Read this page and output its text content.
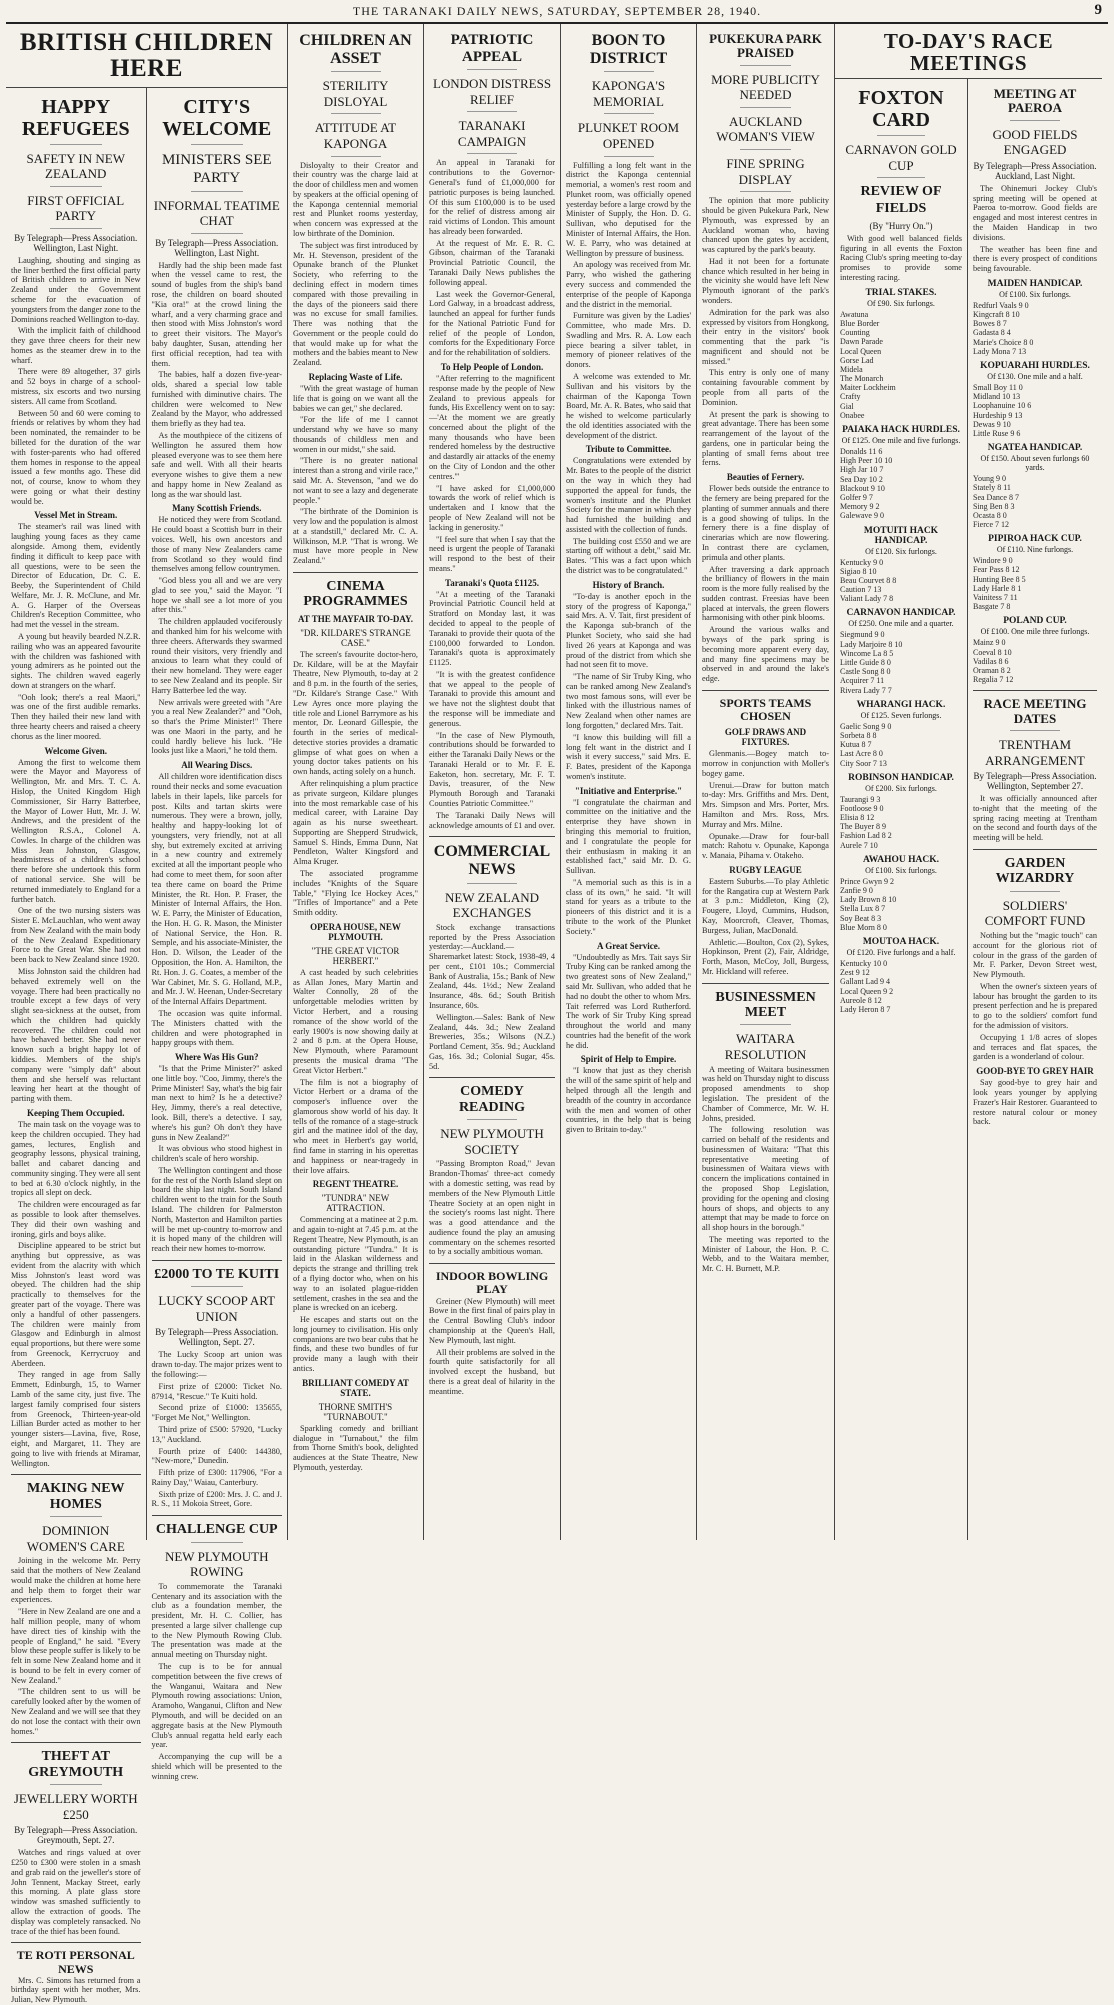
THE TARANAKI DAILY NEWS, SATURDAY, SEPTEMBER 28, 1940.	9
BRITISH CHILDREN HERE
HAPPY REFUGEES
SAFETY IN NEW ZEALAND
FIRST OFFICIAL PARTY
By Telegraph—Press Association. Wellington, Last Night.

Laughing, shouting and singing as the liner berthed the first official party of British children to arrive in New Zealand under the Government scheme for the evacuation of youngsters from the danger zone to the Dominions reached Wellington to-day.

With the implicit faith of childhood they gave three cheers for their new homes as the steamer drew in to the wharf.

There were 89 altogether, 37 girls and 52 boys in charge of a school-mistress, six escorts and two nursing sisters. All came from Scotland.

Between 50 and 60 were coming to friends or relatives by whom they had been nominated, the remainder to be billeted for the duration of the war with foster-parents who had offered them homes in response to the appeal issued a few months ago. These did not, of course, know to whom they were going or what their destiny would be.

Vessel Met in Stream.

The steamer's rail was lined with laughing young faces as they came alongside. Among them, evidently finding it difficult to keep pace with all questions, were to be seen the Director of Education, Dr. C. E. Beeby, the Superintendent of Child Welfare, Mr. J. R. McClune, and Mr. A. G. Harper of the Overseas Children's Reception Committee, who had met the vessel in the stream.

A young but heavily bearded N.Z.R. railing who was an appeared favourite with the children was fashioned with young admirers as he pointed out the sights. The children waved eagerly down at strangers on the wharf.

"Ooh look; there's a real Maori," was one of the first audible remarks. Then they hailed their new land with three hearty cheers and raised a cheery chorus as the liner moored.

Welcome Given.

Among the first to welcome them were the Mayor and Mayoress of Wellington, Mr. and Mrs. T. C. A. Hislop, the United Kingdom High Commissioner, Sir Harry Batterbee, the Mayor of Lower Hutt, Mr. J. W. Andrews, and the president of the Wellington R.S.A., Colonel A. Cowles. In charge of the children was Miss Jean Johnston, Glasgow, headmistress of a children's school there before she undertook this form of national service. She will be returned immediately to England for a further batch.

One of the two nursing sisters was Sister E. McLauchlan, who went away from New Zealand with the main body of the New Zealand Expeditionary Force to the Great War. She had not been back to New Zealand since 1920.

Miss Johnston said the children had behaved extremely well on the voyage. There had been practically no trouble except a few days of very slight sea-sickness at the outset, from which the children had quickly recovered. The children could not have behaved better. She had never known such a bright happy lot of kiddies. Members of the ship's company were "simply daft" about them and she herself was reluctant leaving her heart at the thought of parting with them.

Keeping Them Occupied.

The main task on the voyage was to keep the children occupied. They had games, lectures, English and geography lessons, physical training, ballet and cabaret dancing and community singing. They were all sent to bed at 6.30 o'clock nightly, in the tropics all slept on deck.

The children were encouraged as far as possible to look after themselves. They did their own washing and ironing, girls and boys alike.

Discipline appeared to be strict but anything but oppressive, as was evident from the alacrity with which Miss Johnston's least word was obeyed. The children had the ship practically to themselves for the greater part of the voyage. There was only a handful of other passengers. The children were mainly from Glasgow and Edinburgh in almost equal proportions, but there were some from Greenock, Kerrycruoy and Aberdeen.

They ranged in age from Sally Emmett, Edinburgh, 15, to Warner Lamb of the same city, just five. The largest family comprised four sisters from Greenock, Thirteen-year-old Lillian Burder acted as mother to her younger sisters—Lavina, five, Rose, eight, and Margaret, 11. They are going to live with friends at Miramar, Wellington.

MAKING NEW HOMES
DOMINION WOMEN'S CARE

Joining in the welcome Mr. Perry said that the mothers of New Zealand would make the children at home here and help them to forget their war experiences.

"Here in New Zealand are one and a half million people, many of whom have direct ties of kinship with the people of England," he said. "Every blow these people suffer is likely to be felt in some New Zealand home and it is bound to be felt in every corner of New Zealand."

"The children sent to us will be carefully looked after by the women of New Zealand and we will see that they do not lose the contact with their own homes."

THEFT AT GREYMOUTH
JEWELLERY WORTH £250
By Telegraph—Press Association. Greymouth, Sept. 27.

Watches and rings valued at over £250 to £300 were stolen in a smash and grab raid on the jeweller's store of John Tennent, Mackay Street, early this morning. A plate glass store window was smashed sufficiently to allow the extraction of goods. The display was completely ransacked. No trace of the thief has been found.

TE ROTI PERSONAL NEWS

Mrs. C. Simons has returned from a birthday spent with her mother, Mrs. Julian, New Plymouth.

CITY'S WELCOME
MINISTERS SEE PARTY
INFORMAL TEATIME CHAT
By Telegraph—Press Association. Wellington, Last Night.

Hardly had the ship been made fast when the vessel came to rest, the sound of bugles from the ship's band rose, the children on board shouted "Kia ora!" at the crowd lining the wharf, and a very charming grace and then stood with Miss Johnston's word to greet their visitors. The Mayor's baby daughter, Susan, attending her first official reception, had tea with them.

The babies, half a dozen five-year-olds, shared a special low table furnished with diminutive chairs. The children were welcomed to New Zealand by the Mayor, who addressed them briefly as they had tea.

As the mouthpiece of the citizens of Wellington he assured them how pleased everyone was to see them here safe and well. With all their hearts everyone wishes to give them a new and happy home in New Zealand as long as the war should last.

Many Scottish Friends.

He noticed they were from Scotland. He could boast a Scottish burr in their voices. Well, his own ancestors and those of many New Zealanders came from Scotland so they would find themselves among fellow countrymen.

"God bless you all and we are very glad to see you," said the Mayor. "I hope we shall see a lot more of you after this."

The children applauded vociferously and thanked him for his welcome with three cheers. Afterwards they swarmed round their visitors, very friendly and anxious to learn what they could of their new homeland. They were eager to see New Zealand and its people. Sir Harry Batterbee led the way.

New arrivals were greeted with "Are you a real New Zealander?" and "Ooh, so that's the Prime Minister!" There was one Maori in the party, and he could hardly believe his luck. "He looks just like a Maori," he told them.

All Wearing Discs.

All children wore identification discs round their necks and some evacuation labels in their lapels, like parcels for post. Kilts and tartan skirts were numerous. They were a brown, jolly, healthy and happy-looking lot of youngsters, very friendly, not at all shy, but extremely excited at arriving in a new country and extremely excited at all the important people who had come to meet them, for soon after tea there came on board the Prime Minister, the Rt. Hon. P. Fraser, the Minister of Internal Affairs, the Hon. W. E. Parry, the Minister of Education, the Hon. H. G. R. Mason, the Minister of National Service, the Hon. R. Semple, and his associate-Minister, the Hon. D. Wilson, the Leader of the Opposition, the Hon. A. Hamilton, the Rt. Hon. J. G. Coates, a member of the War Cabinet, Mr. S. G. Holland, M.P., and Mr. J. W. Heenan, Under-Secretary of the Internal Affairs Department.

The occasion was quite informal. The Ministers chatted with the children and were photographed in happy groups with them.

Where Was His Gun?

"Is that the Prime Minister?" asked one little boy. "Coo, Jimmy, there's the Prime Minister! Say, what's the big fair man next to him? Is he a detective? Hey, Jimmy, there's a real detective, look. Bill, there's a detective. I say, where's his gun? Oh don't they have guns in New Zealand?"

It was obvious who stood highest in children's scale of hero worship.

The Wellington contingent and those for the rest of the North Island slept on board the ship last night. South Island children went to the train for the South Island. The children for Palmerston North, Masterton and Hamilton parties will be met up-country to-morrow and it is hoped many of the children will reach their new homes to-morrow.

£2000 TO TE KUITI
LUCKY SCOOP ART UNION
By Telegraph—Press Association. Wellington, Sept. 27.

The Lucky Scoop art union was drawn to-day. The major prizes went to the following:—

First prize of £2000: Ticket No. 87914, "Rescue." Te Kuiti hold.

Second prize of £1000: 135655, "Forget Me Not," Wellington.

Third prize of £500: 57920, "Lucky 13," Auckland.

Fourth prize of £400: 144380, "New-more," Dunedin.

Fifth prize of £300: 117906, "For a Rainy Day," Waiau, Canterbury.

Sixth prize of £200: Mrs. J. C. and J. R. S., 11 Mokoia Street, Gore.

CHALLENGE CUP
NEW PLYMOUTH ROWING

To commemorate the Taranaki Centenary and its association with the club as a foundation member, the president, Mr. H. C. Collier, has presented a large silver challenge cup to the New Plymouth Rowing Club. The presentation was made at the annual meeting on Thursday night.

The cup is to be for annual competition between the five crews of the Wanganui, Waitara and New Plymouth rowing associations: Union, Aramoho, Wanganui, Clifton and New Plymouth, and will be decided on an aggregate basis at the New Plymouth Club's annual regatta held early each year.

Accompanying the cup will be a shield which will be presented to the winning crew.

CHILDREN AN ASSET
STERILITY DISLOYAL
ATTITUDE AT KAPONGA

Disloyalty to their Creator and their country was the charge laid at the door of childless men and women by speakers at the official opening of the Kaponga centennial memorial rest and Plunket rooms yesterday, when concern was expressed at the low birthrate of the Dominion.

The subject was first introduced by Mr. H. Stevenson, president of the Opunake branch of the Plunket Society, who referring to the declining effect in modern times compared with those prevailing in the days of the pioneers said there was no excuse for small families. There was nothing that the Government or the people could do that would make up for what the mothers and the babies meant to New Zealand.

Replacing Waste of Life.

"With the great wastage of human life that is going on we want all the babies we can get," she declared.

"For the life of me I cannot understand why we have so many thousands of childless men and women in our midst," she said.

"There is no greater national interest than a strong and virile race," said Mr. A. Stevenson, "and we do not want to see a lazy and degenerate people."

"The birthrate of the Dominion is very low and the population is almost at a standstill," declared Mr. C. A. Wilkinson, M.P. "That is wrong. We must have more people in New Zealand."

CINEMA PROGRAMMES
AT THE MAYFAIR TO-DAY.
"DR. KILDARE'S STRANGE CASE."

The screen's favourite doctor-hero, Dr. Kildare, will be at the Mayfair Theatre, New Plymouth, to-day at 2 and 8 p.m. in the fourth of the series, "Dr. Kildare's Strange Case." With Lew Ayres once more playing the title role and Lionel Barrymore as his mentor, Dr. Leonard Gillespie, the fourth in the series of medical-detective stories provides a dramatic glimpse of what goes on when a young doctor takes patients on his own hands, acting solely on a hunch.

After relinquishing a plum practice as private surgeon, Kildare plunges into the most remarkable case of his medical career, with Laraine Day again as his nurse sweetheart. Supporting are Shepperd Strudwick, Samuel S. Hinds, Emma Dunn, Nat Pendleton, Walter Kingsford and Alma Kruger.

The associated programme includes "Knights of the Square Table," "Flying Ice Hockey Aces," "Trifles of Importance" and a Pete Smith oddity.

OPERA HOUSE, NEW PLYMOUTH.
"THE GREAT VICTOR HERBERT."

A cast headed by such celebrities as Allan Jones, Mary Martin and Walter Connolly, 28 of the unforgettable melodies written by Victor Herbert, and a rousing romance of the show world of the early 1900's is now showing daily at 2 and 8 p.m. at the Opera House, New Plymouth, where Paramount presents the musical drama "The Great Victor Herbert."

The film is not a biography of Victor Herbert or a drama of the composer's influence over the glamorous show world of his day. It tells of the romance of a stage-struck girl and the matinee idol of the day, who meet in Herbert's gay world, find fame in starring in his operettas and happiness or near-tragedy in their love affairs.

REGENT THEATRE.
"TUNDRA" NEW ATTRACTION.

Commencing at a matinee at 2 p.m. and again to-night at 7.45 p.m. at the Regent Theatre, New Plymouth, is an outstanding picture "Tundra." It is laid in the Alaskan wilderness and depicts the strange and thrilling trek of a flying doctor who, when on his way to an isolated plague-ridden settlement, crashes in the sea and the plane is wrecked on an iceberg.

He escapes and starts out on the long journey to civilisation. His only companions are two bear cubs that he finds, and these two bundles of fur provide many a laugh with their antics.

BRILLIANT COMEDY AT STATE.
THORNE SMITH'S "TURNABOUT."

Sparkling comedy and brilliant dialogue in "Turnabout," the film from Thorne Smith's book, delighted audiences at the State Theatre, New Plymouth, yesterday.

PATRIOTIC APPEAL
LONDON DISTRESS RELIEF
TARANAKI CAMPAIGN

An appeal in Taranaki for contributions to the Governor-General's fund of £1,000,000 for patriotic purposes is being launched. Of this sum £100,000 is to be used for the relief of distress among air raid victims of London. This amount has already been forwarded.

At the request of Mr. E. R. C. Gibson, chairman of the Taranaki Provincial Patriotic Council, the Taranaki Daily News publishes the following appeal.

Last week the Governor-General, Lord Galway, in a broadcast address, launched an appeal for further funds for the National Patriotic Fund for relief of the people of London, comforts for the Expeditionary Force and for the rehabilitation of soldiers.

To Help People of London.

"After referring to the magnificent response made by the people of New Zealand to previous appeals for funds, His Excellency went on to say:—'At the moment we are greatly concerned about the plight of the many thousands who have been rendered homeless by the destructive and dastardly air attacks of the enemy on the City of London and the other centres.'"

"I have asked for £1,000,000 towards the work of relief which is undertaken and I know that the people of New Zealand will not be lacking in generosity."

"I feel sure that when I say that the need is urgent the people of Taranaki will respond to the best of their means."

Taranaki's Quota £1125.

"At a meeting of the Taranaki Provincial Patriotic Council held at Stratford on Monday last, it was decided to appeal to the people of Taranaki to provide their quota of the £100,000 forwarded to London. Taranaki's quota is approximately £1125.

"It is with the greatest confidence that we appeal to the people of Taranaki to provide this amount and we have not the slightest doubt that the response will be immediate and generous.

"In the case of New Plymouth, contributions should be forwarded to either the Taranaki Daily News or the Taranaki Herald or to Mr. F. E. Eaketon, hon. secretary, Mr. F. T. Davis, treasurer, of the New Plymouth Borough and Taranaki Counties Patriotic Committee."

The Taranaki Daily News will acknowledge amounts of £1 and over.

COMMERCIAL NEWS
NEW ZEALAND EXCHANGES

Stock exchange transactions reported by the Press Association yesterday:—Auckland.—Sharemarket latest: Stock, 1938-49, 4 per cent., £101 10s.; Commercial Bank of Australia, 15s.; Bank of New Zealand, 44s. 1½d.; New Zealand Insurance, 48s. 6d.; South British Insurance, 60s.

Wellington.—Sales: Bank of New Zealand, 44s. 3d.; New Zealand Breweries, 35s.; Wilsons (N.Z.) Portland Cement, 35s. 9d.; Auckland Gas, 16s. 3d.; Colonial Sugar, 45s. 5d.

COMEDY READING
NEW PLYMOUTH SOCIETY

"Passing Brompton Road," Jevan Brandon-Thomas' three-act comedy with a domestic setting, was read by members of the New Plymouth Little Theatre Society at an open night in the society's rooms last night. There was a good attendance and the audience found the play an amusing commentary on the schemes resorted to by a socially ambitious woman.

INDOOR BOWLING PLAY

Greiner (New Plymouth) will meet Bowe in the first final of pairs play in the Central Bowling Club's indoor championship at the Queen's Hall, New Plymouth, last night.

All their problems are solved in the fourth quite satisfactorily for all involved except the husband, but there is a great deal of hilarity in the meantime.

BOON TO DISTRICT
KAPONGA'S MEMORIAL
PLUNKET ROOM OPENED

Fulfilling a long felt want in the district the Kaponga centennial memorial, a women's rest room and Plunket room, was officially opened yesterday before a large crowd by the Minister of Supply, the Hon. D. G. Sullivan, who deputised for the Minister of Internal Affairs, the Hon. W. E. Parry, who was detained at Wellington by pressure of business.

An apology was received from Mr. Parry, who wished the gathering every success and commended the enterprise of the people of Kaponga and the district in the memorial.

Furniture was given by the Ladies' Committee, who made Mrs. D. Swadling and Mrs. R. A. Low each piece bearing a silver tablet, in memory of pioneer relatives of the donors.

A welcome was extended to Mr. Sullivan and his visitors by the chairman of the Kaponga Town Board, Mr. A. R. Bates, who said that he wished to welcome particularly the old identities associated with the development of the district.

Tribute to Committee.

Congratulations were extended by Mr. Bates to the people of the district on the way in which they had supported the appeal for funds, the women's institute and the Plunket Society for the manner in which they had furnished the building and assisted with the collection of funds.

The building cost £550 and we are starting off without a debt," said Mr. Bates. "This was a fact upon which the district was to be congratulated."

History of Branch.

"To-day is another epoch in the story of the progress of Kaponga," said Mrs. A. V. Tait, first president of the Kaponga sub-branch of the Plunket Society, who said she had lived 26 years at Kaponga and was proud of the district from which she had not seen fit to move.

"The name of Sir Truby King, who can be ranked among New Zealand's two most famous sons, will ever be linked with the illustrious names of New Zealand when other names are long forgotten," declared Mrs. Tait.

"I know this building will fill a long felt want in the district and I wish it every success," said Mrs. E. F. Bates, president of the Kaponga women's institute.

"Initiative and Enterprise."

"I congratulate the chairman and committee on the initiative and the enterprise they have shown in bringing this memorial to fruition, and I congratulate the people for their enthusiasm in making it an established fact," said Mr. D. G. Sullivan.

"A memorial such as this is in a class of its own," he said. "It will stand for years as a tribute to the pioneers of this district and it is a tribute to the work of the Plunket Society."

A Great Service.

"Undoubtedly as Mrs. Tait says Sir Truby King can be ranked among the two greatest sons of New Zealand," said Mr. Sullivan, who added that he had no doubt the other to whom Mrs. Tait referred was Lord Rutherford. The work of Sir Truby King spread throughout the world and many countries had the benefit of the work he did.

Spirit of Help to Empire.

"I know that just as they cherish the will of the same spirit of help and helped through all the length and breadth of the country in accordance with the men and women of other countries, in the help that is being given to Britain to-day."

PUKEKURA PARK PRAISED
MORE PUBLICITY NEEDED
AUCKLAND WOMAN'S VIEW
FINE SPRING DISPLAY

The opinion that more publicity should be given Pukekura Park, New Plymouth, was expressed by an Auckland woman who, having chanced upon the gates by accident, was captured by the park's beauty.

Had it not been for a fortunate chance which resulted in her being in the vicinity she would have left New Plymouth ignorant of the park's wonders.

Admiration for the park was also expressed by visitors from Hongkong, their entry in the visitors' book commenting that the park "is magnificent and should not be missed."

This entry is only one of many containing favourable comment by people from all parts of the Dominion.

At present the park is showing to great advantage. There has been some rearrangement of the layout of the gardens, one in particular being the planting of small ferns about tree ferns.

Beauties of Fernery.

Flower beds outside the entrance to the fernery are being prepared for the planting of summer annuals and there is a good showing of tulips. In the fernery there is a fine display of cinerarias which are now flowering. In contrast there are cyclamen, primula and other plants.

After traversing a dark approach the brilliancy of flowers in the main room is the more fully realised by the sudden contrast. Freesias have been placed at intervals, the green flowers harmonising with other pink blooms.

Around the various walks and byways of the park spring is becoming more apparent every day, and many fine specimens may be observed in and around the lake's edge.

SPORTS TEAMS CHOSEN
GOLF DRAWS AND FIXTURES.

Glenmanis.—Bogey match to-morrow in conjunction with Moller's bogey game.

Urenui.—Draw for button match to-day: Mrs. Griffiths and Mrs. Dent, Mrs. Simpson and Mrs. Porter, Mrs. Hamilton and Mrs. Ross, Mrs. Murray and Mrs. Milne.

Opunake.—Draw for four-ball match: Rahotu v. Opunake, Kaponga v. Manaia, Pihama v. Otakeho.

RUGBY LEAGUE

Eastern Suburbs.—To play Athletic for the Rangatira cup at Western Park at 3 p.m.: Middleton, King (2), Fougere, Lloyd, Cummins, Hudson, Kay, Moorcroft, Cleaver, Thomas, Burgess, Julian, MacDonald.

Athletic.—Boulton, Cox (2), Sykes, Hopkinson, Prent (2), Fair, Aldridge, Forth, Mason, McCoy, Joll, Burgess, Mr. Hickland will referee.

BUSINESSMEN MEET
WAITARA RESOLUTION

A meeting of Waitara businessmen was held on Thursday night to discuss proposed amendments to shop legislation. The president of the Chamber of Commerce, Mr. W. H. Johns, presided.

The following resolution was carried on behalf of the residents and businessmen of Waitara: "That this representative meeting of businessmen of Waitara views with concern the implications contained in the proposed Shop Legislation, providing for the opening and closing hours of shops, and objects to any attempt that may be made to force on all shop hours in the borough."

The meeting was reported to the Minister of Labour, the Hon. P. C. Webb, and to the Waitara member, Mr. C. H. Burnett, M.P.

TO-DAY'S RACE MEETINGS
FOXTON CARD
CARNAVON GOLD CUP
REVIEW OF FIELDS
(By "Hurry On.")

With good well balanced fields figuring in all events the Foxton Racing Club's spring meeting to-day promises to provide some interesting racing.

TRIAL STAKES.
Of £90. Six furlongs.
Awatuna
Blue Border
Counting
Dawn Parade
Local Queen
Gorse Lad
Midela
The Monarch
Maiter Lockheim
Crafty
Gial
Onabee
PAIAKA HACK HURDLES.
Of £125. One mile and five furlongs.
Donalds 11 6
High Peer 10 10
High Jar 10 7
Sea Day 10 2
Blackout 9 10
Golfer 9 7
Memory 9 2
Galewave 9 0
MOTUITI HACK HANDICAP.
Of £120. Six furlongs.
Kentucky 9 0
Sigiao 8 10
Beau Courvet 8 8
Caution 7 13
Valiant Lady 7 8
CARNAVON HANDICAP.
Of £250. One mile and a quarter.
Siegmund 9 0
Lady Marjoire 8 10
Wincome La 8 5
Little Guide 8 0
Castle Song 8 0
Acquirer 7 11
Rivera Lady 7 7
WHARANGI HACK.
Of £125. Seven furlongs.
Gaelic Song 9 0
Sorbeta 8 8
Kutua 8 7
Last Acre 8 0
City Soor 7 13
ROBINSON HANDICAP.
Of £200. Six furlongs.
Taurangi 9 3
Footloose 9 0
Elisia 8 12
The Buyer 8 9
Fashion Lad 8 2
Aurele 7 10
AWAHOU HACK.
Of £100. Six furlongs.
Prince Gwyn 9 2
Zanfie 9 0
Lady Brown 8 10
Stella Lux 8 7
Soy Beat 8 3
Blue Morn 8 0
MOUTOA HACK.
Of £120. Five furlongs and a half.
Kentucky 10 0
Zest 9 12
Gallant Lad 9 4
Local Queen 9 2
Aureole 8 12
Lady Heron 8 7
MEETING AT PAEROA
GOOD FIELDS ENGAGED
By Telegraph—Press Association. Auckland, Last Night.

The Ohinemuri Jockey Club's spring meeting will be opened at Paeroa to-morrow. Good fields are engaged and most interest centres in the Maiden Handicap in two divisions.

The weather has been fine and there is every prospect of conditions being favourable.

MAIDEN HANDICAP.
Of £100. Six furlongs.
Redfurl Vaals 9 0
Kingcraft 8 10
Bowes 8 7
Gadasta 8 4
Marie's Choice 8 0
Lady Mona 7 13
KOPUARAHI HURDLES.
Of £130. One mile and a half.
Small Boy 11 0
Midland 10 13
Loophanuine 10 6
Hurdeship 9 13
Dewas 9 10
Little Ruse 9 6
NGATEA HANDICAP.
Of £150. About seven furlongs 60 yards.
Young 9 0
Stately 8 11
Sea Dance 8 7
Sing Ben 8 3
Ocasta 8 0
Fierce 7 12
PIPIROA HACK CUP.
Of £110. Nine furlongs.
Windore 9 0
Fear Pass 8 12
Hunting Bee 8 5
Lady Harle 8 1
Vainitess 7 11
Basgate 7 8
POLAND CUP.
Of £100. One mile three furlongs.
Mainz 9 0
Coeval 8 10
Vadilas 8 6
Oraman 8 2
Regalia 7 12
RACE MEETING DATES
TRENTHAM ARRANGEMENT
By Telegraph—Press Association. Wellington, September 27.

It was officially announced after to-night that the meeting of the spring racing meeting at Trentham on the second and fourth days of the meeting will be held.

GARDEN WIZARDRY
SOLDIERS' COMFORT FUND

Nothing but the "magic touch" can account for the glorious riot of colour in the grass of the garden of Mr. F. Parker, Devon Street west, New Plymouth.

When the owner's sixteen years of labour has brought the garden to its present perfection and he is prepared to go to the soldiers' comfort fund for the admission of visitors.

Occupying 1 1/8 acres of slopes and terraces and flat spaces, the garden is a wonderland of colour.

GOOD-BYE TO GREY HAIR

Say good-bye to grey hair and look years younger by applying Frazer's Hair Restorer. Guaranteed to restore natural colour or money back.
